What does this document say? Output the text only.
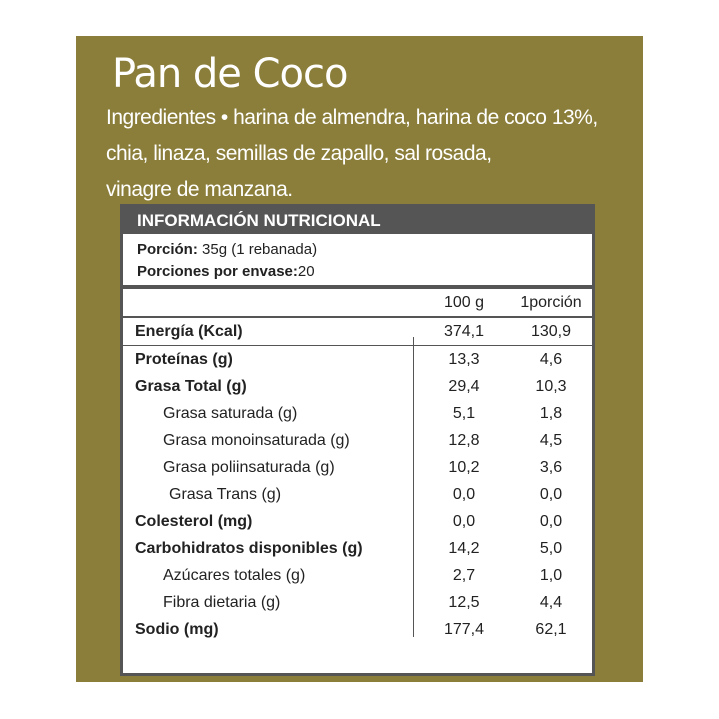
Pan de Coco
Ingredientes • harina de almendra, harina de coco 13%,
chia, linaza, semillas de zapallo, sal rosada,
vinagre de manzana.
INFORMACIÓN NUTRICIONAL
Porción: 35g (1 rebanada)
Porciones por envase:20
	100 g	1porción
Energía (Kcal)	374,1	130,9
Proteínas (g)	13,3	4,6
Grasa Total (g)	29,4	10,3
Grasa saturada (g)	5,1	1,8
Grasa monoinsaturada (g)	12,8	4,5
Grasa poliinsaturada (g)	10,2	3,6
Grasa Trans (g)	0,0	0,0
Colesterol (mg)	0,0	0,0
Carbohidratos disponibles (g)	14,2	5,0
Azúcares totales (g)	2,7	1,0
Fibra dietaria (g)	12,5	4,4
Sodio (mg)	177,4	62,1
